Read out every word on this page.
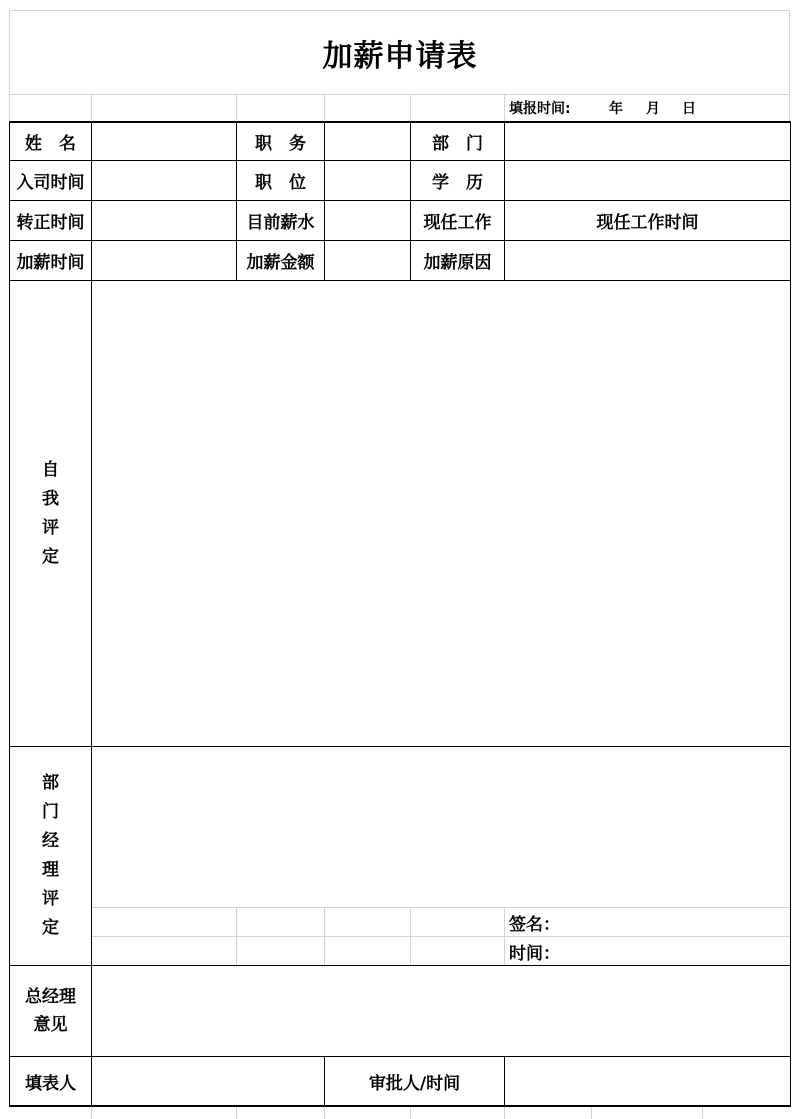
加薪申请表
填报时间:	年 月 日
姓　名	职　务	部　门
入司时间	职　位	学　历
转正时间	目前薪水	现任工作	现任工作时间
加薪时间	加薪金额	加薪原因
自
我
评
定
部
门
经
理
评
定	签名：
时间：
总经理
意见
填表人	审批人/时间
